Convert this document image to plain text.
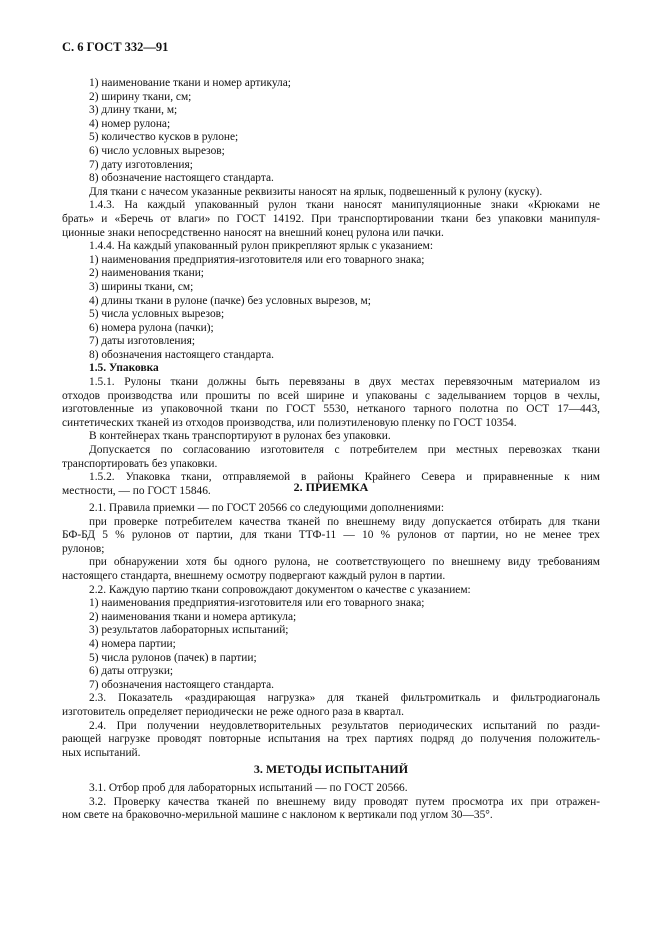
С. 6 ГОСТ 332—91
1) наименование ткани и номер артикула;
2) ширину ткани, см;
3) длину ткани, м;
4) номер рулона;
5) количество кусков в рулоне;
6) число условных вырезов;
7) дату изготовления;
8) обозначение настоящего стандарта.
Для ткани с начесом указанные реквизиты наносят на ярлык, подвешенный к рулону (куску).
1.4.3. На каждый упакованный рулон ткани наносят манипуляционные знаки «Крюками не
брать» и «Беречь от влаги» по ГОСТ 14192. При транспортировании ткани без упаковки манипуля-
ционные знаки непосредственно наносят на внешний конец рулона или пачки.
1.4.4. На каждый упакованный рулон прикрепляют ярлык с указанием:
1) наименования предприятия-изготовителя или его товарного знака;
2) наименования ткани;
3) ширины ткани, см;
4) длины ткани в рулоне (пачке) без условных вырезов, м;
5) числа условных вырезов;
6) номера рулона (пачки);
7) даты изготовления;
8) обозначения настоящего стандарта.
1.5. Упаковка
1.5.1. Рулоны ткани должны быть перевязаны в двух местах перевязочным материалом из
отходов производства или прошиты по всей ширине и упакованы с заделыванием торцов в чехлы,
изготовленные из упаковочной ткани по ГОСТ 5530, нетканого тарного полотна по ОСТ 17—443,
синтетических тканей из отходов производства, или полиэтиленовую пленку по ГОСТ 10354.
В контейнерах ткань транспортируют в рулонах без упаковки.
Допускается по согласованию изготовителя с потребителем при местных перевозках ткани
транспортировать без упаковки.
1.5.2. Упаковка ткани, отправляемой в районы Крайнего Севера и приравненные к ним
местности, — по ГОСТ 15846.	2. ПРИЕМКА
2.1. Правила приемки — по ГОСТ 20566 со следующими дополнениями:
при проверке потребителем качества тканей по внешнему виду допускается отбирать для ткани
БФ-БД 5 % рулонов от партии, для ткани ТТФ-11 — 10 % рулонов от партии, но не менее трех
рулонов;
при обнаружении хотя бы одного рулона, не соответствующего по внешнему виду требованиям
настоящего стандарта, внешнему осмотру подвергают каждый рулон в партии.
2.2. Каждую партию ткани сопровождают документом о качестве с указанием:
1) наименования предприятия-изготовителя или его товарного знака;
2) наименования ткани и номера артикула;
3) результатов лабораторных испытаний;
4) номера партии;
5) числа рулонов (пачек) в партии;
6) даты отгрузки;
7) обозначения настоящего стандарта.
2.3. Показатель «раздирающая нагрузка» для тканей фильтромиткаль и фильтродиагональ
изготовитель определяет периодически не реже одного раза в квартал.
2.4. При получении неудовлетворительных результатов периодических испытаний по разди-
рающей нагрузке проводят повторные испытания на трех партиях подряд до получения положитель-
ных испытаний.
3. МЕТОДЫ ИСПЫТАНИЙ
3.1. Отбор проб для лабораторных испытаний — по ГОСТ 20566.
3.2. Проверку качества тканей по внешнему виду проводят путем просмотра их при отражен-
ном свете на браковочно-мерильной машине с наклоном к вертикали под углом 30—35°.
